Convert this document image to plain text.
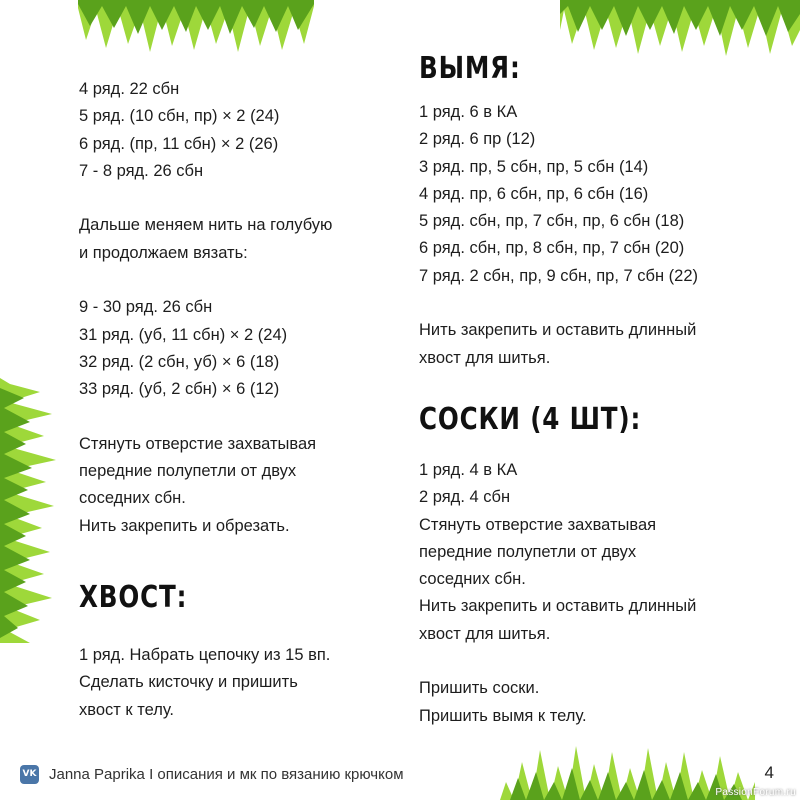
4 ряд. 22 сбн
5 ряд. (10 сбн, пр) × 2 (24)
6 ряд. (пр, 11 сбн) × 2 (26)
7 - 8 ряд. 26 сбн
Дальше меняем нить на голубую
и продолжаем вязать:
9 - 30 ряд. 26 сбн
31 ряд. (уб, 11 сбн) × 2 (24)
32 ряд. (2 сбн, уб) × 6 (18)
33 ряд. (уб, 2 сбн) × 6 (12)
Стянуть отверстие захватывая
передние полупетли от двух
соседних сбн.
Нить закрепить и обрезать.
ХВОСТ:
1 ряд. Набрать цепочку из 15 вп.
Сделать кисточку и пришить
хвост к телу.
ВЫМЯ:
1 ряд. 6 в КА
2 ряд. 6 пр (12)
3 ряд. пр, 5 сбн, пр, 5 сбн (14)
4 ряд. пр, 6 сбн, пр, 6 сбн (16)
5 ряд. сбн, пр, 7 сбн, пр, 6 сбн (18)
6 ряд. сбн, пр, 8 сбн, пр, 7 сбн (20)
7 ряд. 2 сбн, пр, 9 сбн, пр, 7 сбн (22)
Нить закрепить и оставить длинный
хвост для шитья.
СОСКИ (4 ШТ):
1 ряд. 4 в КА
2 ряд. 4 сбн
Стянуть отверстие захватывая
передние полупетли от двух
соседних сбн.
Нить закрепить и оставить длинный
хвост для шитья.
Пришить соски.
Пришить вымя к телу.
VK Janna Paprika I описания и мк по вязанию крючком	4
PassionForum.ru
